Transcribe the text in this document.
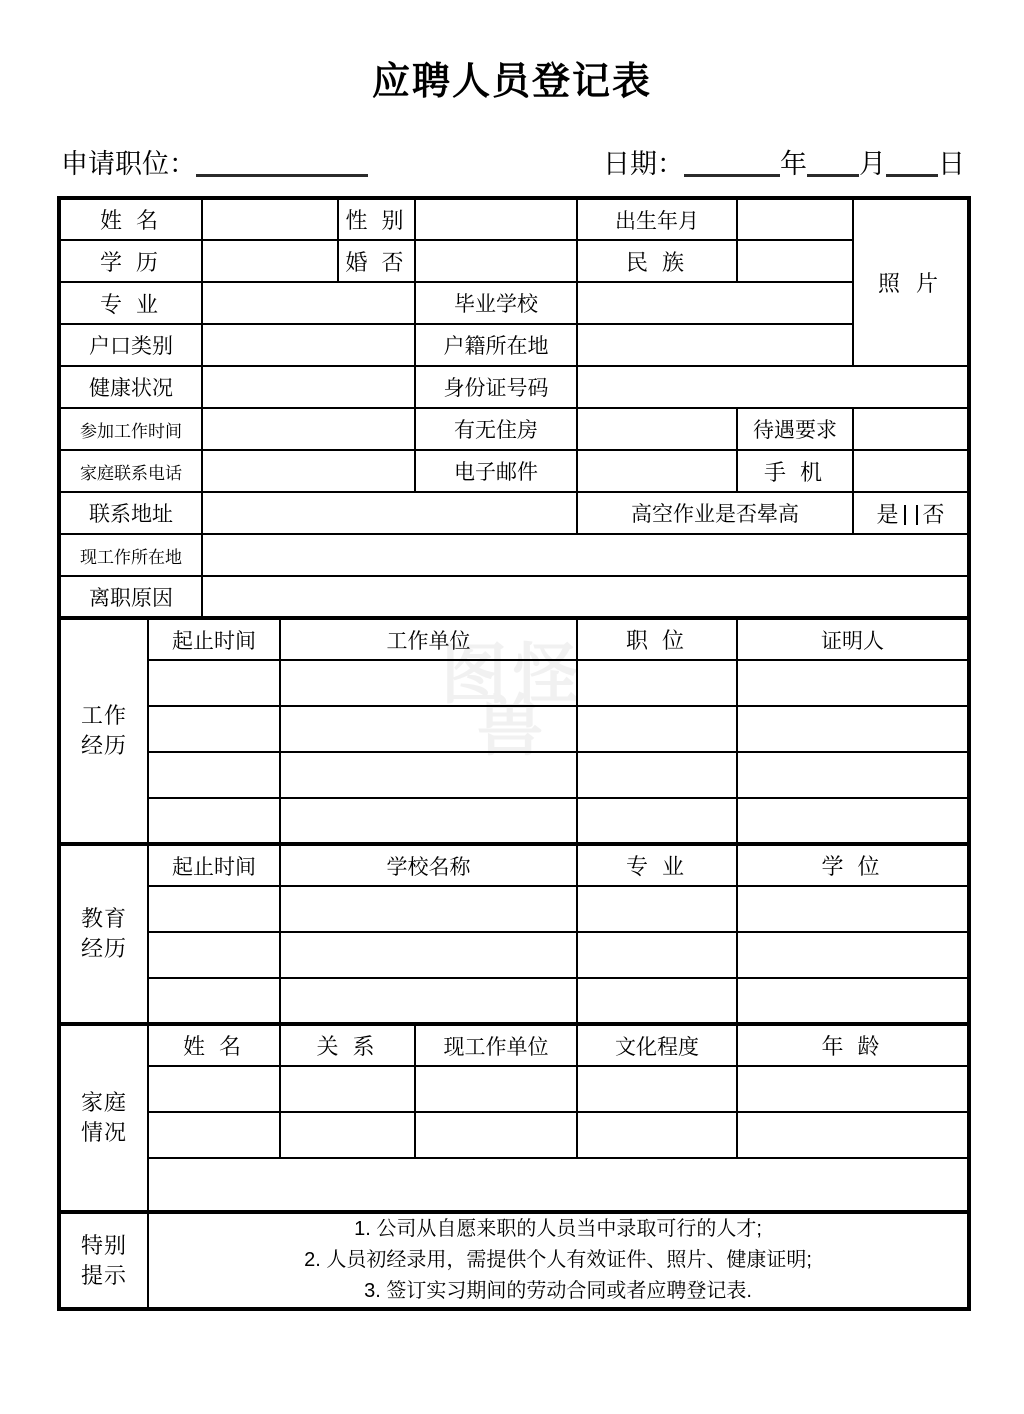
应聘人员登记表
申请职位：	日期：	年 月 日
图怪
兽
姓 名				性 别		出生年月		照 片
学 历				婚 否		民 族		
专 业					毕业学校			
户口类别					户籍所在地			
健康状况					身份证号码			
参加工作时间					有无住房		待遇要求	
家庭联系电话					电子邮件		手 机	
联系地址						高空作业是否晕高		是 否
现工作所在地								
离职原因								

工作
经历	起止时间		工作单位			职 位	证明人	

教育
经历	起止时间		学校名称			专 业	学 位	

家庭
情况	姓 名		关 系		现工作单位	文化程度	年 龄	

特别
提示

1. 公司从自愿来职的人员当中录取可行的人才;
2. 人员初经录用，需提供个人有效证件、照片、健康证明;
3. 签订实习期间的劳动合同或者应聘登记表.
